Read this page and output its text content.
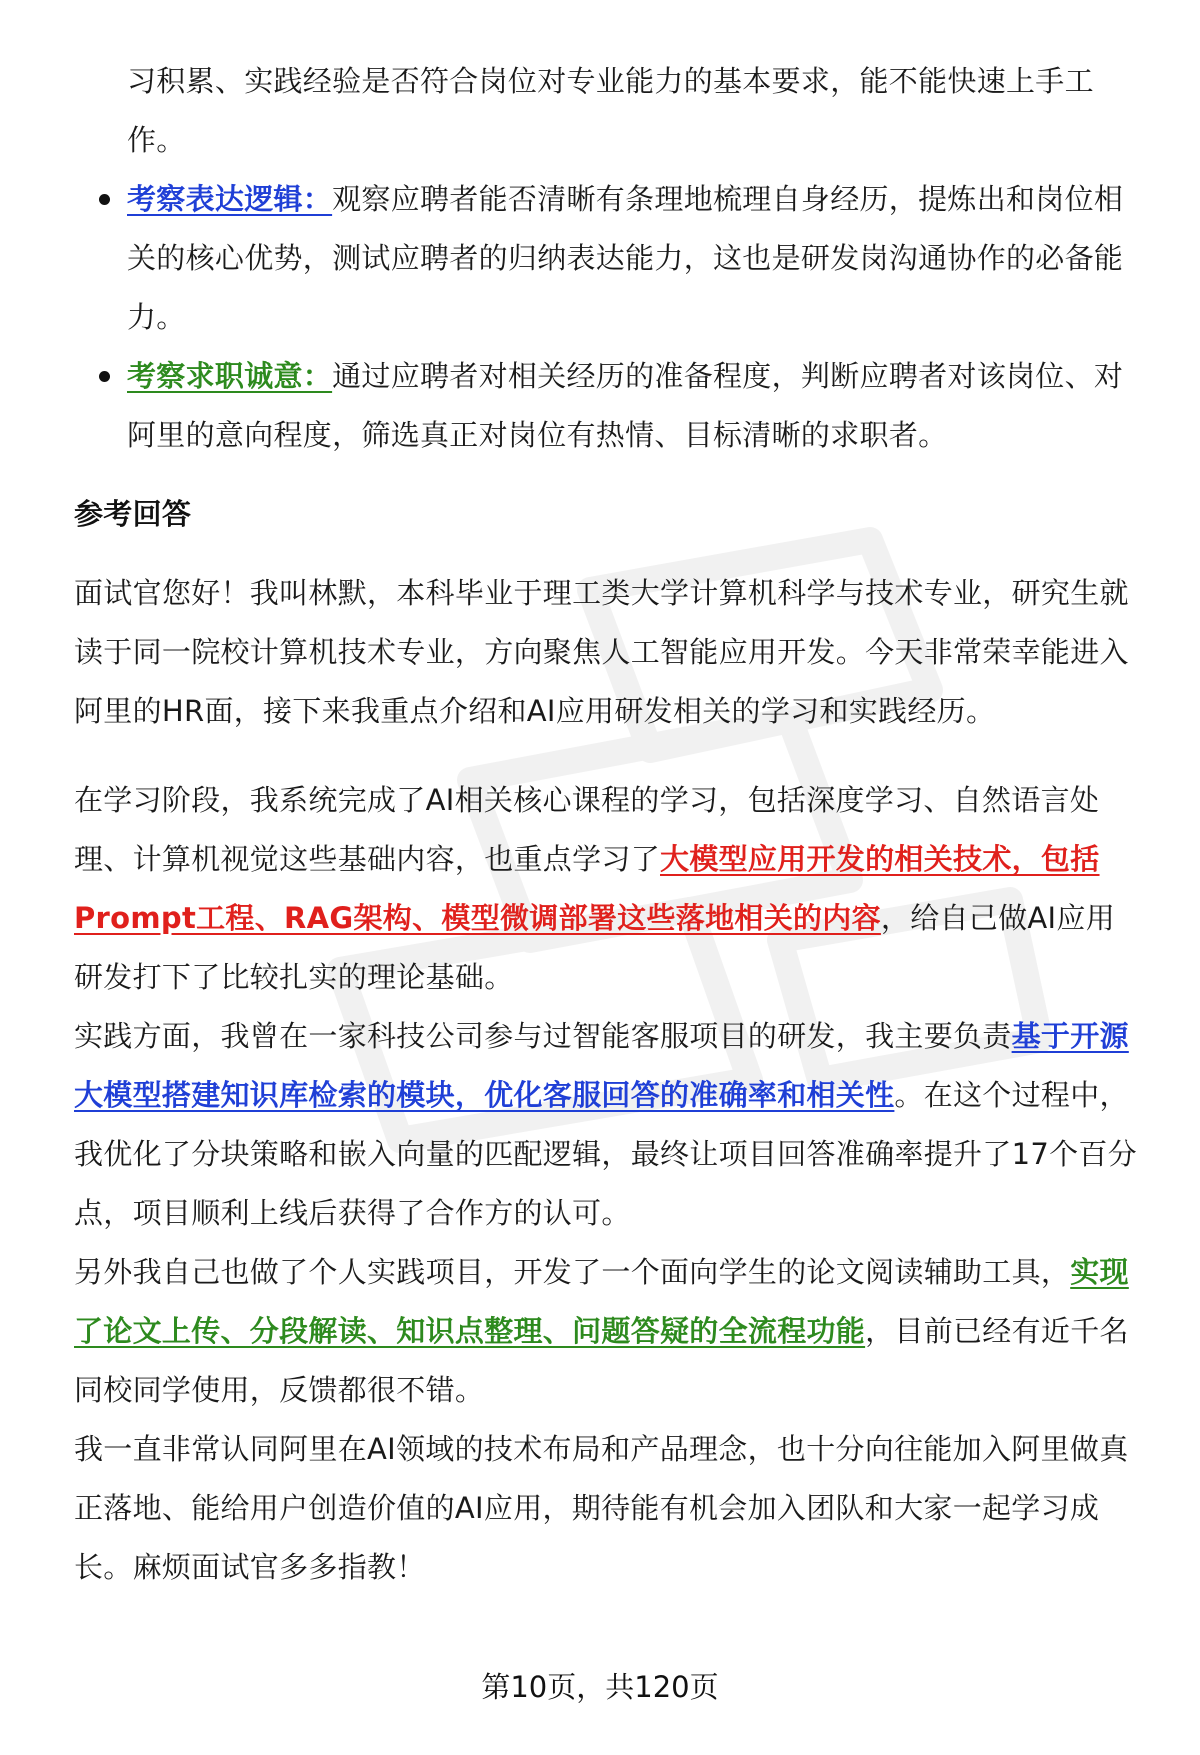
习积累、实践经验是否符合岗位对专业能力的基本要求，能不能快速上手工作。

考察表达逻辑：观察应聘者能否清晰有条理地梳理自身经历，提炼出和岗位相关的核心优势，测试应聘者的归纳表达能力，这也是研发岗沟通协作的必备能力。
考察求职诚意：通过应聘者对相关经历的准备程度，判断应聘者对该岗位、对阿里的意向程度，筛选真正对岗位有热情、目标清晰的求职者。
参考回答

面试官您好！我叫林默，本科毕业于理工类大学计算机科学与技术专业，研究生就读于同一院校计算机技术专业，方向聚焦人工智能应用开发。今天非常荣幸能进入阿里的HR面，接下来我重点介绍和AI应用研发相关的学习和实践经历。

在学习阶段，我系统完成了AI相关核心课程的学习，包括深度学习、自然语言处理、计算机视觉这些基础内容，也重点学习了大模型应用开发的相关技术，包括Prompt工程、RAG架构、模型微调部署这些落地相关的内容，给自己做AI应用研发打下了比较扎实的理论基础。

实践方面，我曾在一家科技公司参与过智能客服项目的研发，我主要负责基于开源大模型搭建知识库检索的模块，优化客服回答的准确率和相关性。在这个过程中，我优化了分块策略和嵌入向量的匹配逻辑，最终让项目回答准确率提升了17个百分点，项目顺利上线后获得了合作方的认可。

另外我自己也做了个人实践项目，开发了一个面向学生的论文阅读辅助工具，实现了论文上传、分段解读、知识点整理、问题答疑的全流程功能，目前已经有近千名同校同学使用，反馈都很不错。

我一直非常认同阿里在AI领域的技术布局和产品理念，也十分向往能加入阿里做真正落地、能给用户创造价值的AI应用，期待能有机会加入团队和大家一起学习成长。麻烦面试官多多指教！

第10页，共120页
